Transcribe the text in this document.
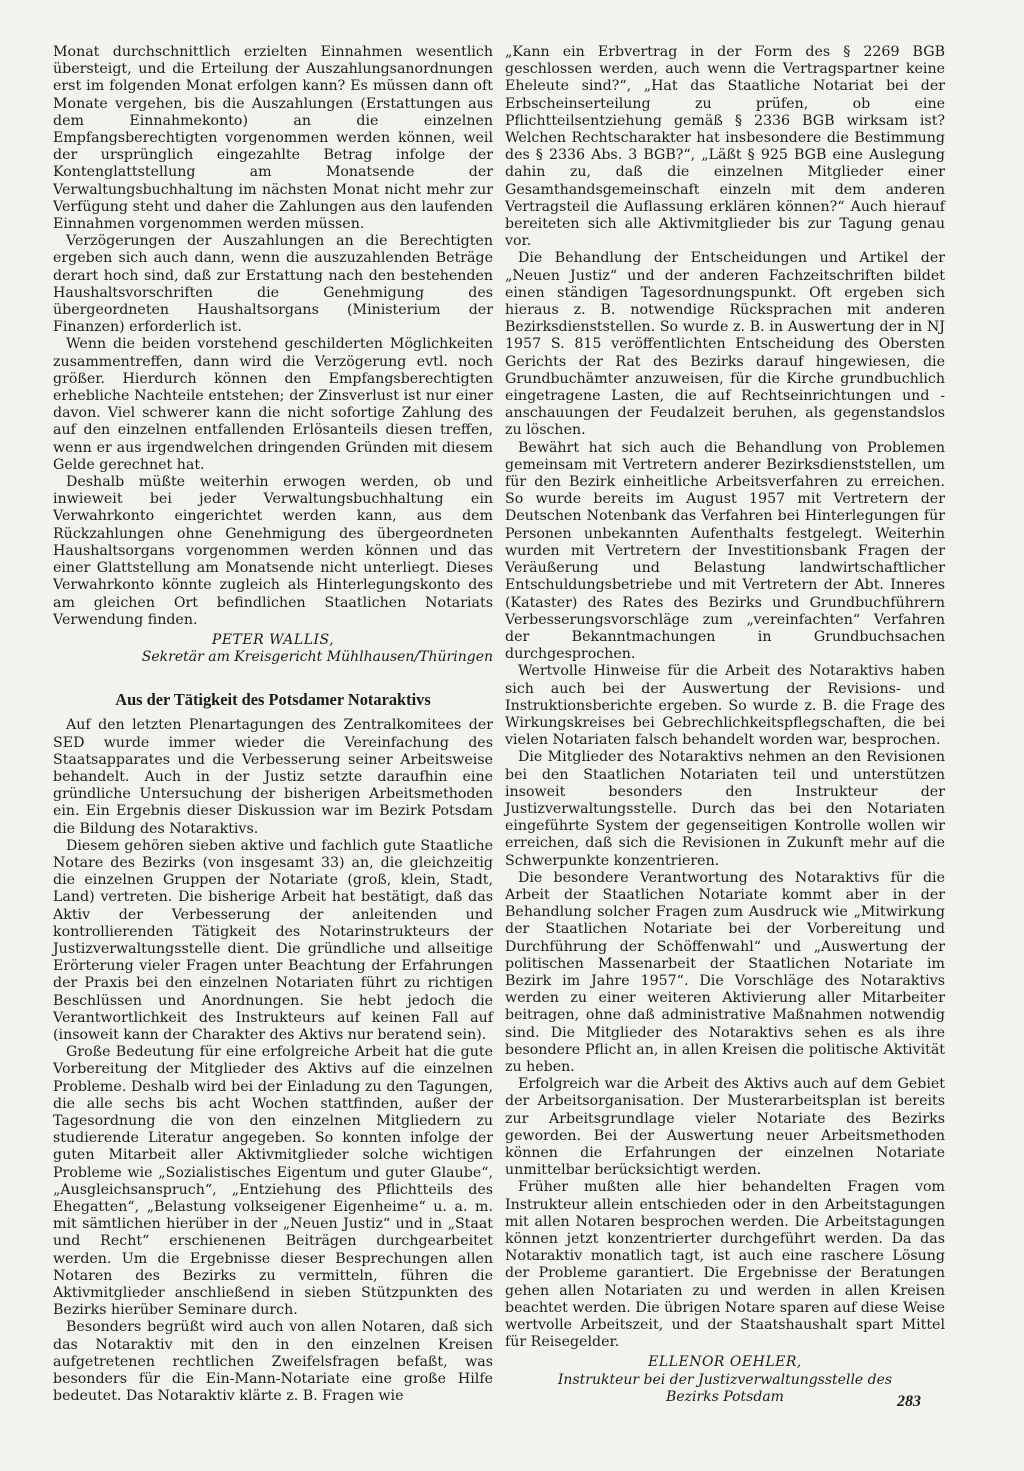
Monat durchschnittlich erzielten Einnahmen wesentlich übersteigt, und die Erteilung der Auszahlungsanordnungen erst im folgenden Monat erfolgen kann? Es müssen dann oft Monate vergehen, bis die Auszahlungen (Erstattungen aus dem Einnahmekonto) an die einzelnen Empfangsberechtigten vorgenommen werden können, weil der ursprünglich eingezahlte Betrag infolge der Kontenglattstellung am Monatsende der Verwaltungsbuchhaltung im nächsten Monat nicht mehr zur Verfügung steht und daher die Zahlungen aus den laufenden Einnahmen vorgenommen werden müssen.

Verzögerungen der Auszahlungen an die Berechtigten ergeben sich auch dann, wenn die auszuzahlenden Beträge derart hoch sind, daß zur Erstattung nach den bestehenden Haushaltsvorschriften die Genehmigung des übergeordneten Haushaltsorgans (Ministerium der Finanzen) erforderlich ist.

Wenn die beiden vorstehend geschilderten Möglichkeiten zusammentreffen, dann wird die Verzögerung evtl. noch größer. Hierdurch können den Empfangsberechtigten erhebliche Nachteile entstehen; der Zinsverlust ist nur einer davon. Viel schwerer kann die nicht sofortige Zahlung des auf den einzelnen entfallenden Erlösanteils diesen treffen, wenn er aus irgendwelchen dringenden Gründen mit diesem Gelde gerechnet hat.

Deshalb müßte weiterhin erwogen werden, ob und inwieweit bei jeder Verwaltungsbuchhaltung ein Verwahrkonto eingerichtet werden kann, aus dem Rückzahlungen ohne Genehmigung des übergeordneten Haushaltsorgans vorgenommen werden können und das einer Glattstellung am Monatsende nicht unterliegt. Dieses Verwahrkonto könnte zugleich als Hinterlegungskonto des am gleichen Ort befindlichen Staatlichen Notariats Verwendung finden.

PETER WALLIS,

Sekretär am Kreisgericht Mühlhausen/Thüringen

Aus der Tätigkeit des Potsdamer Notaraktivs

Auf den letzten Plenartagungen des Zentralkomitees der SED wurde immer wieder die Vereinfachung des Staatsapparates und die Verbesserung seiner Arbeitsweise behandelt. Auch in der Justiz setzte daraufhin eine gründliche Untersuchung der bisherigen Arbeitsmethoden ein. Ein Ergebnis dieser Diskussion war im Bezirk Potsdam die Bildung des Notaraktivs.

Diesem gehören sieben aktive und fachlich gute Staatliche Notare des Bezirks (von insgesamt 33) an, die gleichzeitig die einzelnen Gruppen der Notariate (groß, klein, Stadt, Land) vertreten. Die bisherige Arbeit hat bestätigt, daß das Aktiv der Verbesserung der anleitenden und kontrollierenden Tätigkeit des Notarinstrukteurs der Justizverwaltungsstelle dient. Die gründliche und allseitige Erörterung vieler Fragen unter Beachtung der Erfahrungen der Praxis bei den einzelnen Notariaten führt zu richtigen Beschlüssen und Anordnungen. Sie hebt jedoch die Verantwortlichkeit des Instrukteurs auf keinen Fall auf (insoweit kann der Charakter des Aktivs nur beratend sein).

Große Bedeutung für eine erfolgreiche Arbeit hat die gute Vorbereitung der Mitglieder des Aktivs auf die einzelnen Probleme. Deshalb wird bei der Einladung zu den Tagungen, die alle sechs bis acht Wochen stattfinden, außer der Tagesordnung die von den einzelnen Mitgliedern zu studierende Literatur angegeben. So konnten infolge der guten Mitarbeit aller Aktivmitglieder solche wichtigen Probleme wie „Sozialistisches Eigentum und guter Glaube“, „Ausgleichsanspruch“, „Entziehung des Pflichtteils des Ehegatten“, „Belastung volkseigener Eigenheime“ u. a. m. mit sämtlichen hierüber in der „Neuen Justiz“ und in „Staat und Recht“ erschienenen Beiträgen durchgearbeitet werden. Um die Ergebnisse dieser Besprechungen allen Notaren des Bezirks zu vermitteln, führen die Aktivmitglieder anschließend in sieben Stützpunkten des Bezirks hierüber Seminare durch.

Besonders begrüßt wird auch von allen Notaren, daß sich das Notaraktiv mit den in den einzelnen Kreisen aufgetretenen rechtlichen Zweifelsfragen befaßt, was besonders für die Ein-Mann-Notariate eine große Hilfe bedeutet. Das Notaraktiv klärte z. B. Fragen wie

„Kann ein Erbvertrag in der Form des § 2269 BGB geschlossen werden, auch wenn die Vertragspartner keine Eheleute sind?“, „Hat das Staatliche Notariat bei der Erbscheinserteilung zu prüfen, ob eine Pflichtteilsentziehung gemäß § 2336 BGB wirksam ist? Welchen Rechtscharakter hat insbesondere die Bestimmung des § 2336 Abs. 3 BGB?“, „Läßt § 925 BGB eine Auslegung dahin zu, daß die einzelnen Mitglieder einer Gesamthandsgemeinschaft einzeln mit dem anderen Vertragsteil die Auflassung erklären können?“ Auch hierauf bereiteten sich alle Aktivmitglieder bis zur Tagung genau vor.

Die Behandlung der Entscheidungen und Artikel der „Neuen Justiz“ und der anderen Fachzeitschriften bildet einen ständigen Tagesordnungspunkt. Oft ergeben sich hieraus z. B. notwendige Rücksprachen mit anderen Bezirksdienststellen. So wurde z. B. in Auswertung der in NJ 1957 S. 815 veröffentlichten Entscheidung des Obersten Gerichts der Rat des Bezirks darauf hingewiesen, die Grundbuchämter anzuweisen, für die Kirche grundbuchlich eingetragene Lasten, die auf Rechtseinrichtungen und -anschauungen der Feudalzeit beruhen, als gegenstandslos zu löschen.

Bewährt hat sich auch die Behandlung von Problemen gemeinsam mit Vertretern anderer Bezirksdienststellen, um für den Bezirk einheitliche Arbeitsverfahren zu erreichen. So wurde bereits im August 1957 mit Vertretern der Deutschen Notenbank das Verfahren bei Hinterlegungen für Personen unbekannten Aufenthalts festgelegt. Weiterhin wurden mit Vertretern der Investitionsbank Fragen der Veräußerung und Belastung landwirtschaftlicher Entschuldungsbetriebe und mit Vertretern der Abt. Inneres (Kataster) des Rates des Bezirks und Grundbuchführern Verbesserungsvorschläge zum „vereinfachten“ Verfahren der Bekanntmachungen in Grundbuchsachen durchgesprochen.

Wertvolle Hinweise für die Arbeit des Notaraktivs haben sich auch bei der Auswertung der Revisions- und Instruktionsberichte ergeben. So wurde z. B. die Frage des Wirkungskreises bei Gebrechlichkeitspflegschaften, die bei vielen Notariaten falsch behandelt worden war, besprochen.

Die Mitglieder des Notaraktivs nehmen an den Revisionen bei den Staatlichen Notariaten teil und unterstützen insoweit besonders den Instrukteur der Justizverwaltungsstelle. Durch das bei den Notariaten eingeführte System der gegenseitigen Kontrolle wollen wir erreichen, daß sich die Revisionen in Zukunft mehr auf die Schwerpunkte konzentrieren.

Die besondere Verantwortung des Notaraktivs für die Arbeit der Staatlichen Notariate kommt aber in der Behandlung solcher Fragen zum Ausdruck wie „Mitwirkung der Staatlichen Notariate bei der Vorbereitung und Durchführung der Schöffenwahl“ und „Auswertung der politischen Massenarbeit der Staatlichen Notariate im Bezirk im Jahre 1957“. Die Vorschläge des Notaraktivs werden zu einer weiteren Aktivierung aller Mitarbeiter beitragen, ohne daß administrative Maßnahmen notwendig sind. Die Mitglieder des Notaraktivs sehen es als ihre besondere Pflicht an, in allen Kreisen die politische Aktivität zu heben.

Erfolgreich war die Arbeit des Aktivs auch auf dem Gebiet der Arbeitsorganisation. Der Musterarbeitsplan ist bereits zur Arbeitsgrundlage vieler Notariate des Bezirks geworden. Bei der Auswertung neuer Arbeitsmethoden können die Erfahrungen der einzelnen Notariate unmittelbar berücksichtigt werden.

Früher mußten alle hier behandelten Fragen vom Instrukteur allein entschieden oder in den Arbeitstagungen mit allen Notaren besprochen werden. Die Arbeitstagungen können jetzt konzentrierter durchgeführt werden. Da das Notaraktiv monatlich tagt, ist auch eine raschere Lösung der Probleme garantiert. Die Ergebnisse der Beratungen gehen allen Notariaten zu und werden in allen Kreisen beachtet werden. Die übrigen Notare sparen auf diese Weise wertvolle Arbeitszeit, und der Staatshaushalt spart Mittel für Reisegelder.

ELLENOR OEHLER,

Instrukteur bei der Justizverwaltungsstelle des

Bezirks Potsdam	283
